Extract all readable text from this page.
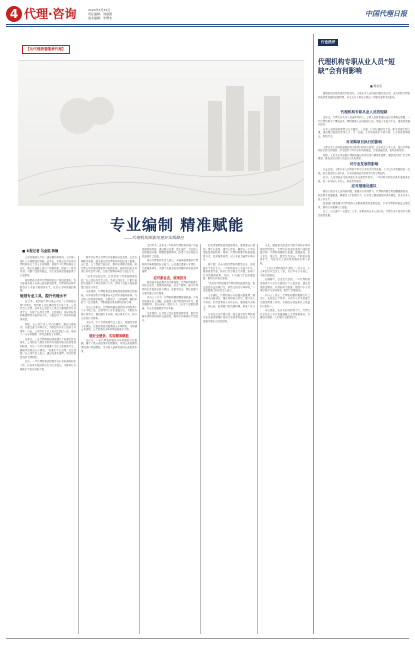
4 代理·咨询	2023年5月25日
责任编辑：刘丽媛
美术编辑：李博杰	中国代理日报
【从代理商看继承代理】
专业编制 精准赋能
——代理机构探索用更好实践路径
■ 本报记者 马金铭 韩楠

良好的编制是产业一道重要的风景线，是全国一体化大市场建设的基础。近年来，本报记者对各地代理机构进行了深入走访调研，发现不少代理机构在专业化、规范化道路上进行了积极探索，形成了一批可复制、可推广的经验做法，为行业高质量发展提供了有益借鉴。

新形势新任务对代理机构提出了更高的要求。作为连接采购人与供应商的桥梁纽带，代理机构必须不断提升专业能力和服务水平，以适应市场发展的需要。

规划专业工具，提升代理水平

在江苏，某招标代理有限公司以“专业铸就品牌”为理念，坚持把专业化建设作为立身之本。公司负责人介绍，近年来公司投入大量资金建设数字化业务平台，实现了从项目受理、文件编制、开标评标到档案管理的全流程电子化，大幅提升了工作效率和服务质量。

同时，该公司注重人才队伍建设，通过内部培训、外部交流等多种方式，不断提升从业人员的专业素养。目前，公司持证专业人员占比超过八成，形成了一支业务精湛、作风过硬的专业团队。

在浙江，一家代理机构则探索建立了标准化作业体系。公司制定了涵盖各类项目的操作规范和质量控制标准，对每一个环节都明确了责任人和时间节点，确保项目规范有序推进。“标准化不是束缚，而是保障。”该公司负责人表示，通过标准化管理，项目质量投诉率下降明显。

此外，一些代理机构还积极参与行业标准的制定工作，将自身实践经验转化为行业规范，为推动行业整体水平提升贡献力量。

数字化转型是代理行业发展的必然趋势。记者在调研中发现，越来越多的代理机构开始运用大数据、云计算、人工智能等新技术，推动业务模式创新。某代理公司开发的智能评审辅助系统，能够对投标文件进行自动比对分析，有效识别围标串标等违法行为。

“技术手段的运用，让我们的工作更加精准高效。”该公司技术负责人说，系统上线以来，已累计辅助完成数千个项目的评审工作，得到了采购人和监管部门的充分肯定。

与此同时，代理机构也在积极探索服务模式的创新。从单纯的程序性服务向全过程咨询服务延伸，为采购人提供需求调查、方案设计、合同管理、履约验收等一站式服务，不断拓展业务边界和价值空间。

业内专家指出，代理机构要在激烈的市场竞争中立于不败之地，必须坚持专业化发展方向，不断提升核心竞争力。要加强行业自律，规范执业行为，树立良好的行业形象。

采访中，不少代理机构负责人表示，将继续深耕专业领域，以更加优质的服务回应市场期待，为构建公开透明、公平竞争的市场环境贡献更多力量。

做好全链条，实现精准赋能

在山东，一家代理机构依托多年积累的行业数据，建立了供应商信用评价数据库，对供应商的履约情况进行动态跟踪，为采购人选择优质供应商提供参考。

交付环节。近年来一些地区代理机构开展了全链条服务的探索，通过整合资源、优化流程，为采购人提供更加全面、便捷的服务体验，取得了良好的经济效益和社会效益。

某市代理机构负责人表示，全链条服务要求代理机构具备更强的综合能力。公司通过组建专业团队、完善服务体系，实现了从需求论证到履约验收的闭环管理。

应对新业态，展现担当

面对新业态新模式的不断涌现，代理机构需要主动适应变化，积极探索创新。记者了解到，部分代理机构已开始涉足新兴领域，在数字经济、绿色发展等方面开展专业化服务。

业内人士认为，代理机构要把握发展机遇，主动对接国家重大战略，在服务大局中彰显担当作为。要加强研究，提前布局，做好人才、技术等方面的储备，为未来发展奠定坚实基础。

与此同时，行业协会也在积极发挥作用，组织开展业务培训和经验交流活动，推动行业整体水平的提升。

的业务管理和质量控制体系，做到事前有规划、事中有监督、事后有评估，确保每一个项目都能经得起检验。同时，代理机构要不断创新服务方式，提高服务质量，以专业能力赢得市场认可。

据了解，目前全国代理机构数量众多，但发展水平参差不齐。一些机构存在专业能力不足、服务质量不高、执业行为不规范等问题，影响了行业的整体形象。对此，有关部门正在加强监管，推动行业规范发展。

“我们将持续加强对代理机构的监督检查，依法查处违法违规行为，营造良好的市场环境。”一位监管部门相关负责人表示。

专家建议，代理机构应当加强内部管理，建立健全内控制度，强化风险防范意识。要注重人才培养，打造高素质专业化队伍。要加强与采购人、供应商、监管部门的沟通协调，形成工作合力。

记者在走访中感受到，越来越多的代理机构正在从追求规模扩张向注重质量效益转变，行业发展呈现出良好的态势。

未来，随着相关政策的不断完善和市场环境的持续优化，代理行业将迎来更加广阔的发展空间。代理机构要抓住机遇，迎接挑战，以专业化、规范化、数字化为方向，不断提升服务水平，为经济社会高质量发展作出更大贡献。

“专业是代理机构的生命线。”一位从业二十余年的行业资深人士说，只有坚守专业初心，才能行稳致远。

在调研中，记者还注意到，一些代理机构在服务中小企业方面进行了有益尝试，通过提供政策解读、业务辅导等服务，帮助中小企业更好地参与市场竞争，取得了积极成效。

业内人士表示，代理机构要积极履行社会责任，在促进公平竞争、支持中小企业发展等方面发挥更大作用，实现经济效益和社会效益的有机统一。

可以预见，在各方的共同努力下，代理行业必将在专业化发展道路上走得更稳更远，为建设全国统一大市场注入强劲动力。

行业热评
代理机构专职从业人员“短缺”会有何影响
■ 周东亮

随着政府采购改革的不断深化，专职从业人员短缺问题日益凸显，成为制约代理机构高质量发展的重要因素。本文从多个角度分析这一问题可能带来的影响。

代理机构专职从业人员的短缺

近年来，代理行业从业人员流动性较大，专职人员数量难以满足业务增长需要。一些代理机构为了降低成本，聘用兼职人员或临时人员，导致专业能力不足，服务质量难以保证。

从业人员短缺的原因是多方面的。一方面，行业待遇相对不高，职业发展空间有限，难以吸引和留住优秀人才；另一方面，专业培训体系不够完善，人才培养周期较长，供给不足。

对采购项目执行的影响

专职从业人员短缺直接影响采购项目的执行质量。由于缺乏专业人员，部分代理机构在采购文件编制、评审组织等环节容易出现疏漏，引发质疑投诉，影响采购效率。

同时，人员不足也导致代理机构难以对项目进行精细化管理，服务深度和广度受到限制，难以满足采购人日益多元化的需求。

对行业发展的影响

从长远看，专职从业人员短缺不利于行业的可持续发展。人才是行业发展的第一资源，缺乏稳定的专业队伍，行业的创新能力和竞争力将受到制约。

此外，人员短缺还可能导致行业内部恶性竞争，一些机构为争取业务压低服务价格，进一步压缩人才投入，形成恶性循环。

应对措施及建议

解决专职从业人员短缺问题，需要多方共同努力。代理机构要完善薪酬激励机制，拓宽职业发展通道，增强对人才的吸引力。行业协会要加强培训体系建设，提升从业人员专业水平。

监管部门要加强对代理机构人员配备情况的监督检查，引导代理机构依法合规经营，推动行业健康有序发展。

总之，只有建立一支稳定、专业、高素质的从业人员队伍，代理行业才能真正实现高质量发展。
